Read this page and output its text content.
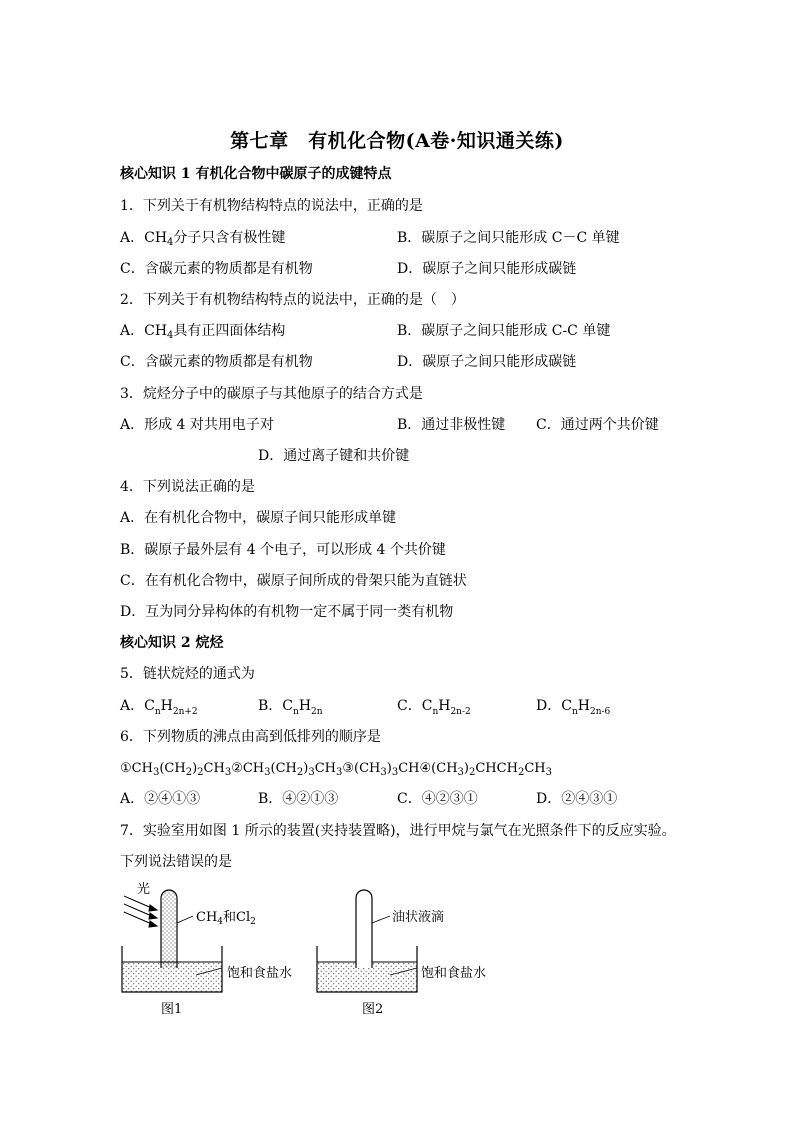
第七章　有机化合物(A卷·知识通关练)
核心知识 1 有机化合物中碳原子的成键特点
1．下列关于有机物结构特点的说法中，正确的是
A．$CH_4$分子只含有极性键	B．碳原子之间只能形成 C－C 单键
C．含碳元素的物质都是有机物	D．碳原子之间只能形成碳链
2．下列关于有机物结构特点的说法中，正确的是（　）
A．$CH_4$具有正四面体结构	B．碳原子之间只能形成 C-C 单键
C．含碳元素的物质都是有机物	D．碳原子之间只能形成碳链
3．烷烃分子中的碳原子与其他原子的结合方式是
A．形成 4 对共用电子对	B．通过非极性键 C．通过两个共价键
D．通过离子键和共价键
4．下列说法正确的是
A．在有机化合物中，碳原子间只能形成单键
B．碳原子最外层有 4 个电子，可以形成 4 个共价键
C．在有机化合物中，碳原子间所成的骨架只能为直链状
D．互为同分异构体的有机物一定不属于同一类有机物
核心知识 2 烷烃
5．链状烷烃的通式为
A．$C_nH_{2n+2}$	B．$C_nH_{2n}$	C．$C_nH_{2n-2}$	D．$C_nH_{2n-6}$
6．下列物质的沸点由高到低排列的顺序是
$①CH_3(CH_2)_2CH_3②CH_3(CH_2)_3CH_3③(CH_3)_3CH④(CH_3)_2CHCH_2CH_3$
A．②④①③	B．④②①③	C．④②③①	D．②④③①
7．实验室用如图 1 所示的装置(夹持装置略)，进行甲烷与氯气在光照条件下的反应实验。
下列说法错误的是
光
$CH_4$和$Cl_2$
饱和食盐水
图1
油状液滴
饱和食盐水
图2
